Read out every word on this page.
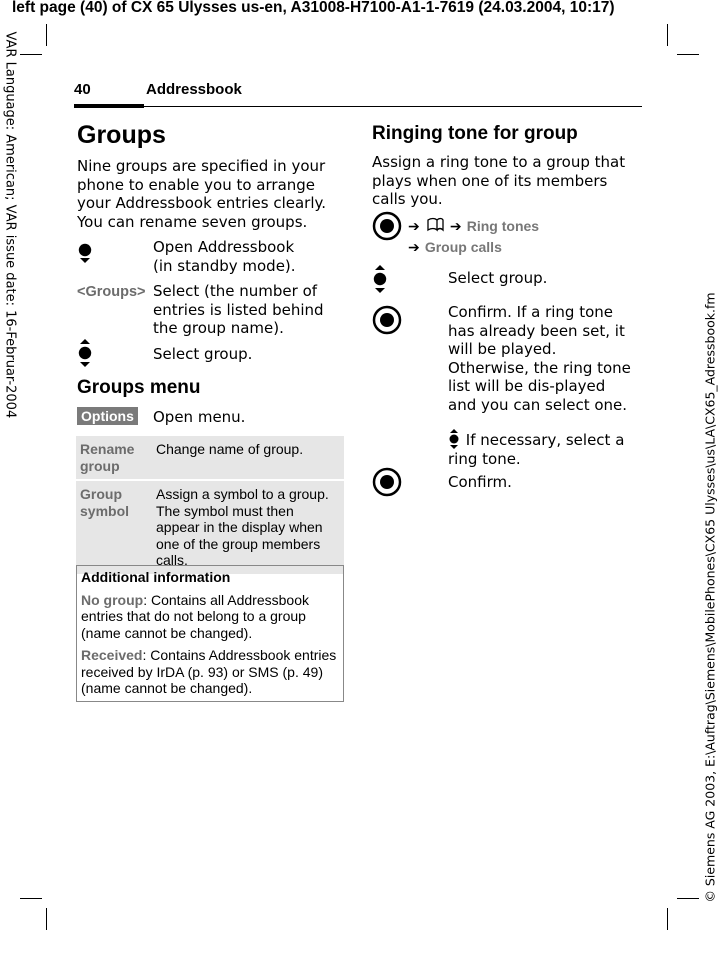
left page (40) of CX 65 Ulysses us-en, A31008-H7100-A1-1-7619 (24.03.2004, 10:17)
VAR Language: American; VAR issue date: 16-Februar-2004
© Siemens AG 2003, E:\Auftrag\Siemens\MobilePhones\CX65 Ulysses\us\LA\CX65_Adressbook.fm
40	Addressbook
Groups
Nine groups are specified in your phone to enable you to arrange your Addressbook entries clearly. You can rename seven groups.
Open Addressbook
(in standby mode).
<Groups> Select (the number of entries is listed behind the group name).
Select group.
Groups menu
Options Open menu.
Rename group	Change name of group.
Group symbol	Assign a symbol to a group. The symbol must then appear in the display when one of the group members calls.
Additional information

No group: Contains all Addressbook entries that do not belong to a group (name cannot be changed).

Received: Contains Addressbook entries received by IrDA (p. 93) or SMS (p. 49) (name cannot be changed).

Ringing tone for group
Assign a ring tone to a group that plays when one of its members calls you.
➔ ➔ Ring tones
➔ Group calls
Select group.
Confirm. If a ring tone has already been set, it will be played. Otherwise, the ring tone list will be dis-played and you can select one.
If necessary, select a ring tone.
Confirm.
